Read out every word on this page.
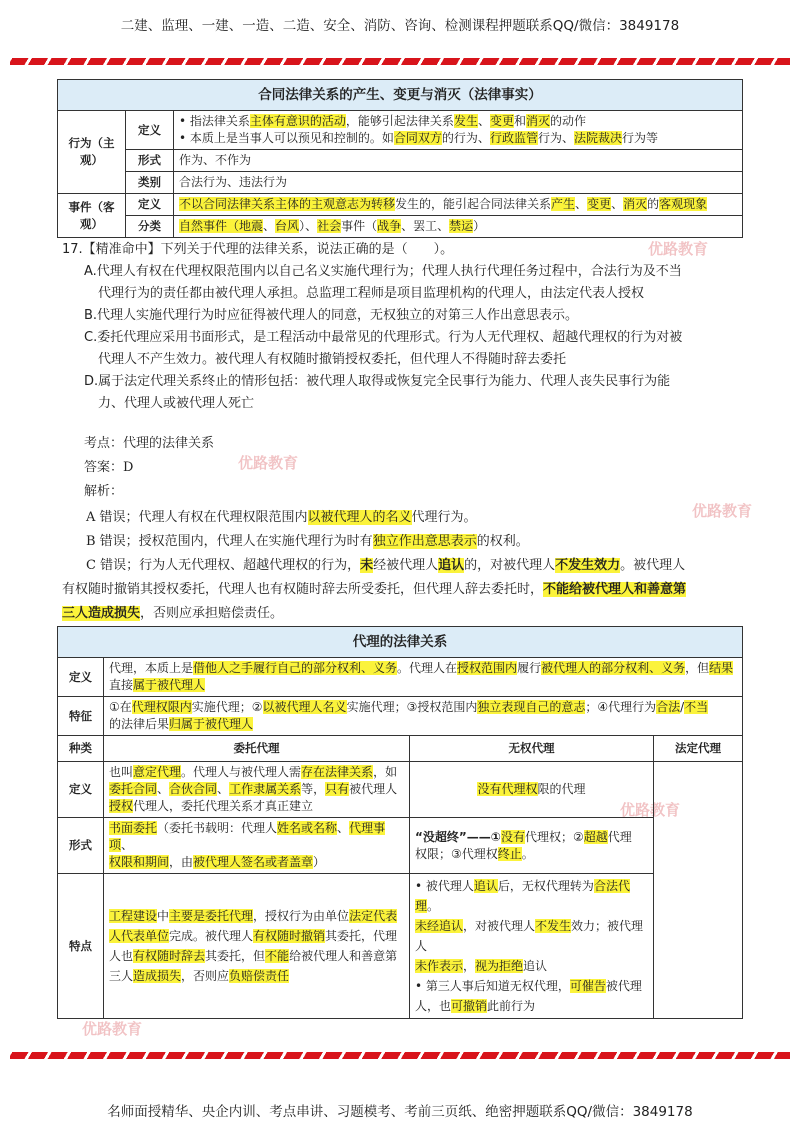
二建、监理、一建、一造、二造、安全、消防、咨询、检测课程押题联系QQ/微信：3849178
优路教育
优路教育
优路教育
优路教育
优路教育
合同法律关系的产生、变更与消灭（法律事实）		
行为（主观）	定义	• 指法律关系主体有意识的活动，能够引起法律关系发生、变更和消灭的动作
• 本质上是当事人可以预见和控制的。如合同双方的行为、行政监管行为、法院裁决行为等

	形式	作为、不作为
	类别	合法行为、违法行为
事件（客观）	定义	不以合同法律关系主体的主观意志为转移发生的，能引起合同法律关系产生、变更、消灭的客观现象
	分类	自然事件（地震、台风）、社会事件（战争、罢工、禁运）
17.【精准命中】下列关于代理的法律关系，说法正确的是（　　）。
A.代理人有权在代理权限范围内以自己名义实施代理行为；代理人执行代理任务过程中，合法行为及不当
代理行为的责任都由被代理人承担。总监理工程师是项目监理机构的代理人，由法定代表人授权
B.代理人实施代理行为时应征得被代理人的同意，无权独立的对第三人作出意思表示。
C.委托代理应采用书面形式，是工程活动中最常见的代理形式。行为人无代理权、超越代理权的行为对被
代理人不产生效力。被代理人有权随时撤销授权委托，但代理人不得随时辞去委托
D.属于法定代理关系终止的情形包括：被代理人取得或恢复完全民事行为能力、代理人丧失民事行为能
力、代理人或被代理人死亡
考点：代理的法律关系
答案：D
解析：
A 错误；代理人有权在代理权限范围内以被代理人的名义代理行为。
B 错误；授权范围内，代理人在实施代理行为时有独立作出意思表示的权利。
C 错误；行为人无代理权、超越代理权的行为，未经被代理人追认的，对被代理人不发生效力。被代理人
有权随时撤销其授权委托，代理人也有权随时辞去所受委托，但代理人辞去委托时，不能给被代理人和善意第
三人造成损失，否则应承担赔偿责任。
代理的法律关系			
定义	代理，本质上是借他人之手履行自己的部分权利、义务。代理人在授权范围内履行被代理人的部分权利、义务，但结果
直接属于被代理人		
特征	①在代理权限内实施代理；②以被代理人名义实施代理；③授权范围内独立表现自己的意志；④代理行为合法/不当
的法律后果归属于被代理人		
种类	委托代理	无权代理	法定代理
定义	也叫意定代理。代理人与被代理人需存在法律关系，如
委托合同、合伙合同、工作隶属关系等，只有被代理人
授权代理人，委托代理关系才真正建立	没有代理权限的代理	
形式	书面委托（委托书载明：代理人姓名或名称、代理事项、
权限和期间，由被代理人签名或者盖章）	“没超终”——①没有代理权；②超越代理
权限；③代理权终止。	
特点	工程建设中主要是委托代理，授权行为由单位法定代表
人代表单位完成。被代理人有权随时撤销其委托，代理
人也有权随时辞去其委托，但不能给被代理人和善意第
三人造成损失，否则应负赔偿责任	• 被代理人追认后，无权代理转为合法代理。
未经追认，对被代理人不发生效力；被代理人
未作表示，视为拒绝追认
• 第三人事后知道无权代理，可催告被代理
人，也可撤销此前行为	
名师面授精华、央企内训、考点串讲、习题模考、考前三页纸、绝密押题联系QQ/微信：3849178
